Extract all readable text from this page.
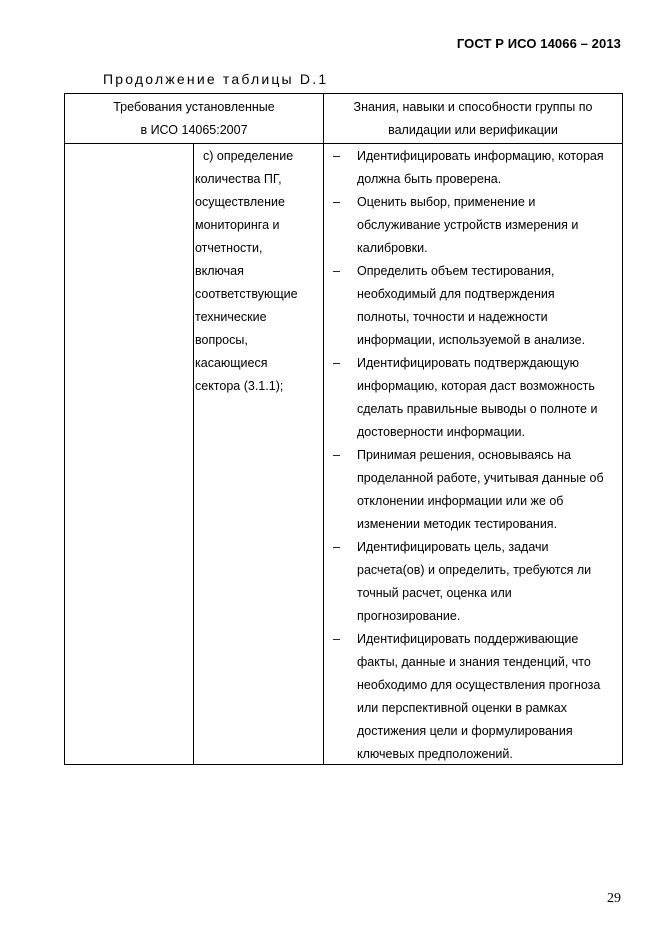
ГОСТ Р ИСО 14066 – 2013
Продолжение таблицы D.1
Требования установленные
в ИСО 14065:2007
Знания, навыки и способности группы по
валидации или верификации
с) определение
количества ПГ,
осуществление
мониторинга и
отчетности,
включая
соответствующие
технические
вопросы,
касающиеся
сектора (3.1.1);
– Идентифицировать информацию, которая
должна быть проверена.
– Оценить выбор, применение и
обслуживание устройств измерения и
калибровки.
– Определить объем тестирования,
необходимый для подтверждения
полноты, точности и надежности
информации, используемой в анализе.
– Идентифицировать подтверждающую
информацию, которая даст возможность
сделать правильные выводы о полноте и
достоверности информации.
– Принимая решения, основываясь на
проделанной работе, учитывая данные об
отклонении информации или же об
изменении методик тестирования.
– Идентифицировать цель, задачи
расчета(ов) и определить, требуются ли
точный расчет, оценка или
прогнозирование.
– Идентифицировать поддерживающие
факты, данные и знания тенденций, что
необходимо для осуществления прогноза
или перспективной оценки в рамках
достижения цели и формулирования
ключевых предположений.
29
